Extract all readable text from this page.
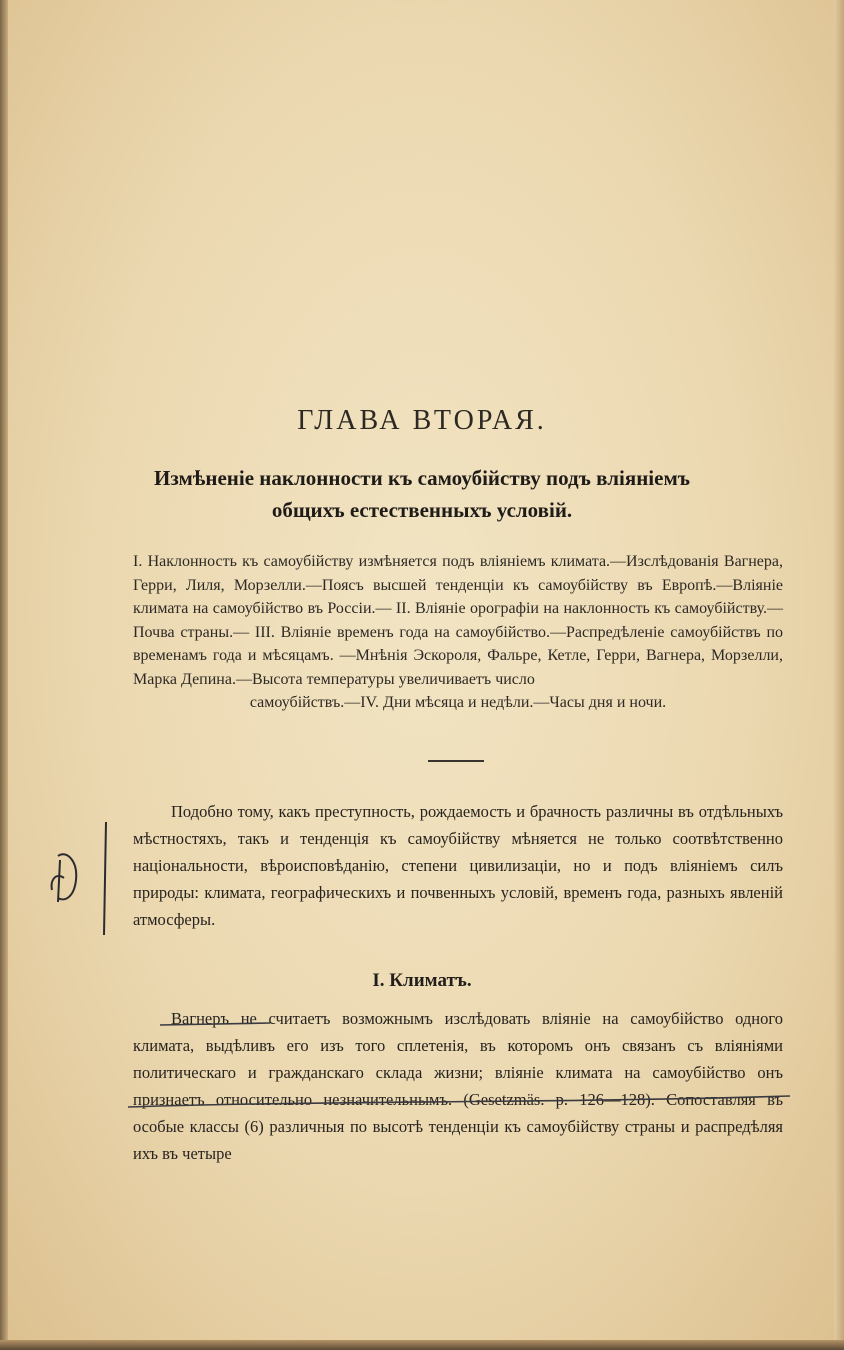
ГЛАВА ВТОРАЯ.
Измѣненіе наклонности къ самоубійству подъ вліяніемъ
общихъ естественныхъ условій.
I. Наклонность къ самоубійству измѣняется подъ вліяніемъ климата.—Изслѣдованія Вагнера, Герри, Лиля, Морзелли.—Поясъ высшей тенденціи къ самоубійству въ Европѣ.—Вліяніе климата на самоубійство въ Россіи.— II. Вліяніе орографіи на наклонность къ самоубійству.—Почва страны.— III. Вліяніе временъ года на самоубійство.—Распредѣленіе самоубійствъ по временамъ года и мѣсяцамъ. —Мнѣнія Эскороля, Фальре, Кетле, Герри, Вагнера, Морзелли, Марка Депина.—Высота температуры увеличиваетъ число
самоубійствъ.—IV. Дни мѣсяца и недѣли.—Часы дня и ночи.
Подобно тому, какъ преступность, рождаемость и брачность различны въ отдѣльныхъ мѣстностяхъ, такъ и тенденція къ самоубійству мѣняется не только соотвѣтственно національности, вѣроисповѣданію, степени цивилизаціи, но и подъ вліяніемъ силъ природы: климата, географическихъ и почвенныхъ условій, временъ года, разныхъ явленій атмосферы.
I. Климатъ.
Вагнеръ не считаетъ возможнымъ изслѣдовать вліяніе на самоубійство одного климата, выдѣливъ его изъ того сплетенія, въ которомъ онъ связанъ съ вліяніями политическаго и гражданскаго склада жизни; вліяніе климата на самоубійство онъ признаетъ относительно незначительнымъ. (Gesetzmäs. p. 126—128). Сопоставляя въ особые классы (6) различныя по высотѣ тенденціи къ самоубійству страны и распредѣляя ихъ въ четыре
